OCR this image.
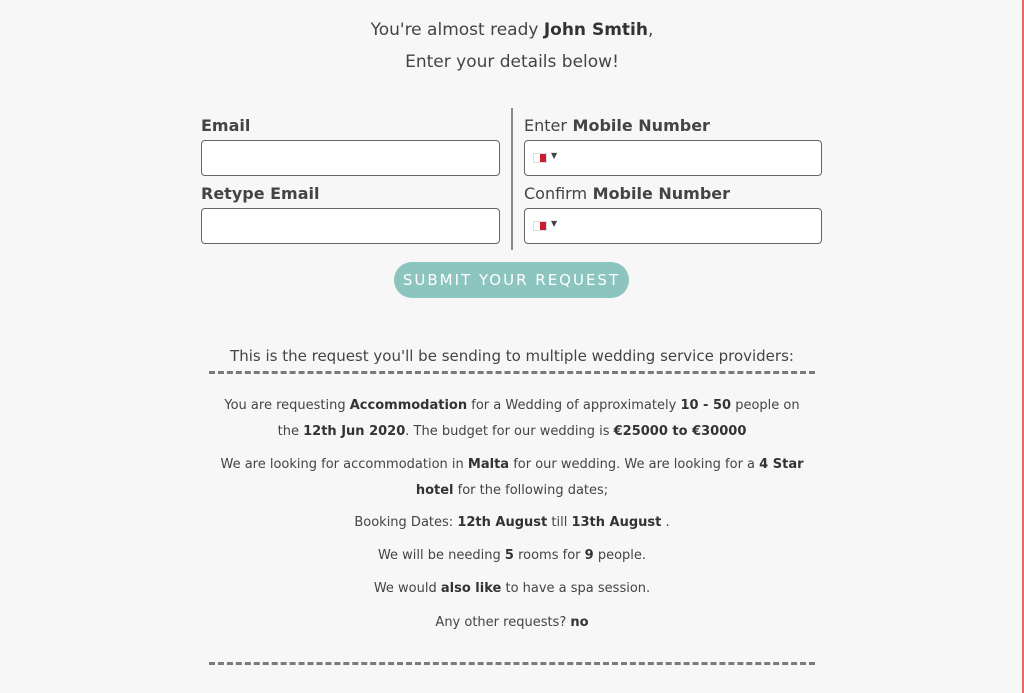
You're almost ready John Smtih,
Enter your details below!
Email
Retype Email
Enter Mobile Number
▼
Confirm Mobile Number
▼
SUBMIT YOUR REQUEST
This is the request you'll be sending to multiple wedding service providers:
You are requesting Accommodation for a Wedding of approximately 10 - 50 people on
the 12th Jun 2020. The budget for our wedding is €25000 to €30000
We are looking for accommodation in Malta for our wedding. We are looking for a 4 Star
hotel for the following dates;
Booking Dates: 12th August till 13th August .
We will be needing 5 rooms for 9 people.
We would also like to have a spa session.
Any other requests? no
